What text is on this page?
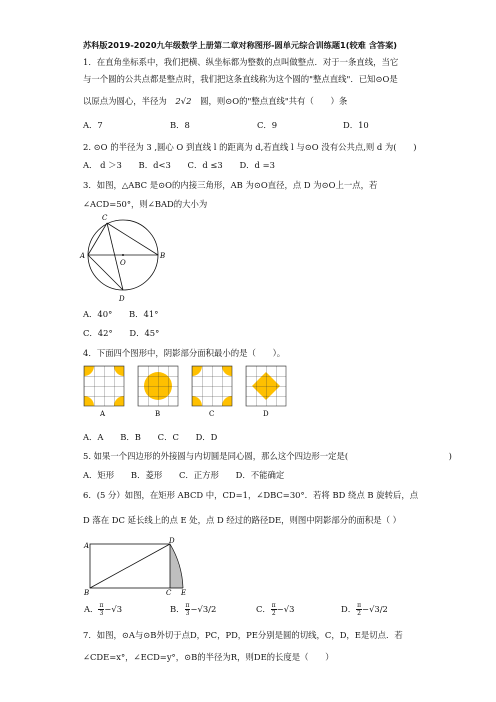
苏科版2019-2020九年级数学上册第二章对称图形-圆单元综合训练题1(较难 含答案)
1．在直角坐标系中，我们把横、纵坐标都为整数的点叫做整点．对于一条直线，当它
与一个圆的公共点都是整点时，我们把这条直线称为这个圆的"整点直线"．已知⊙O是
以原点为圆心，半径为 2√2 圆，则⊙O的"整点直线"共有（　　）条
A．7	B．8	C．9	D．10
2. ⊙O 的半径为 3 ,圆心 O 到直线 l 的距离为 d,若直线 l 与⊙O 没有公共点,则 d 为(　　)
A． d ＞3　　B．d<3　　C．d ≤3　　D．d =3
3．如图，△ABC 是⊙O的内接三角形，AB 为⊙O直径，点 D 为⊙O上一点，若
∠ACD=50°，则∠BAD的大小为
C
A	B
O
D
A．40°　　B．41°
C．42°　　D．45°
4．下面四个图形中，阴影部分面积最小的是（　　）。
A	B	C	D
A．A　　B．B　　C．C　　D．D
5. 如果一个四边形的外接圆与内切圆是同心圆，那么这个四边形一定是(　　　　　　　　　　　　)
A．矩形　　B．菱形　　C．正方形　　D．不能确定
6．(5 分）如图，在矩形 ABCD 中，CD=1，∠DBC=30°．若将 BD 绕点 B 旋转后，点
D 落在 DC 延长线上的点 E 处，点 D 经过的路径DE，则图中阴影部分的面积是（ ）
A
D
B	C E
A． $\frac{\pi}{3} -√3$	B． $\frac{\pi}{3} -√3/2$	C． $\frac{\pi}{2} -√3$	D． $\frac{\pi}{2} -√3/2$
7．如图，⊙A与⊙B外切于点D，PC，PD，PE分别是圆的切线，C，D，E是切点．若
∠CDE=x°，∠ECD=y°，⊙B的半径为R，则DE的长度是（　　）
